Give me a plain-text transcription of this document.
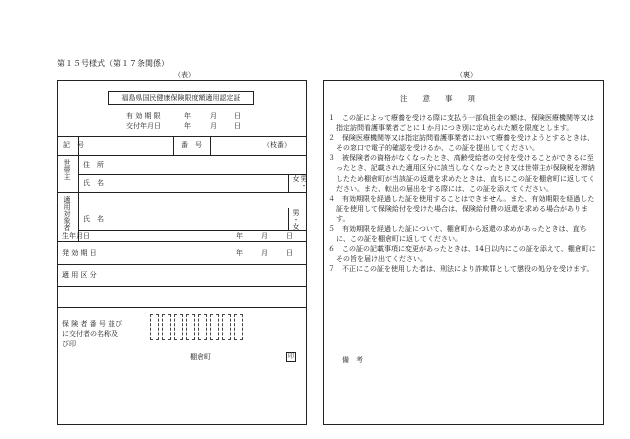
第１５号様式（第１７条関係）
（表）	（裏）
福島県国民健康保険限度額適用認定証
有 効 期 限	年	月 日
交付年月日	年	月 日
記　号	番　号	（枝番）
世帯主 住　所
氏　名	男・女
適用対象者 氏　名	男・女
生年月日	年	月	日
発 効 期 日	年	月	日
適 用 区 分
保 険 者 番 号 並びに交付者の名称及び印
棚倉町	印
注　　意　　事　　項

１　この証によって療養を受ける際に支払う一部負担金の額は、保険医療機関等又は指定訪問看護事業者ごとに１か月につき別に定められた額を限度とします。

２　保険医療機関等又は指定訪問看護事業者において療養を受けようとするときは、その窓口で電子的確認を受けるか、この証を提出してください。

３　被保険者の資格がなくなったとき、高齢受給者の交付を受けることができるに至ったとき、記載された適用区分に該当しなくなったとき又は世帯主が保険税を滞納したため棚倉町が当該証の返還を求めたときは、直ちにこの証を棚倉町に返してください。また、転出の届出をする際には、この証を添えてください。

４　有効期限を経過した証を使用することはできません。また、有効期限を経過した証を使用して保険給付を受けた場合は、保険給付費の返還を求める場合があります。

５　有効期限を経過した証について、棚倉町から返還の求めがあったときは、直ちに、この証を棚倉町に返してください。

６　この証の記載事項に変更があったときは、14日以内にこの証を添えて、棚倉町にその旨を届け出てください。

７　不正にこの証を使用した者は、刑法により詐欺罪として懲役の処分を受けます。

備　考
